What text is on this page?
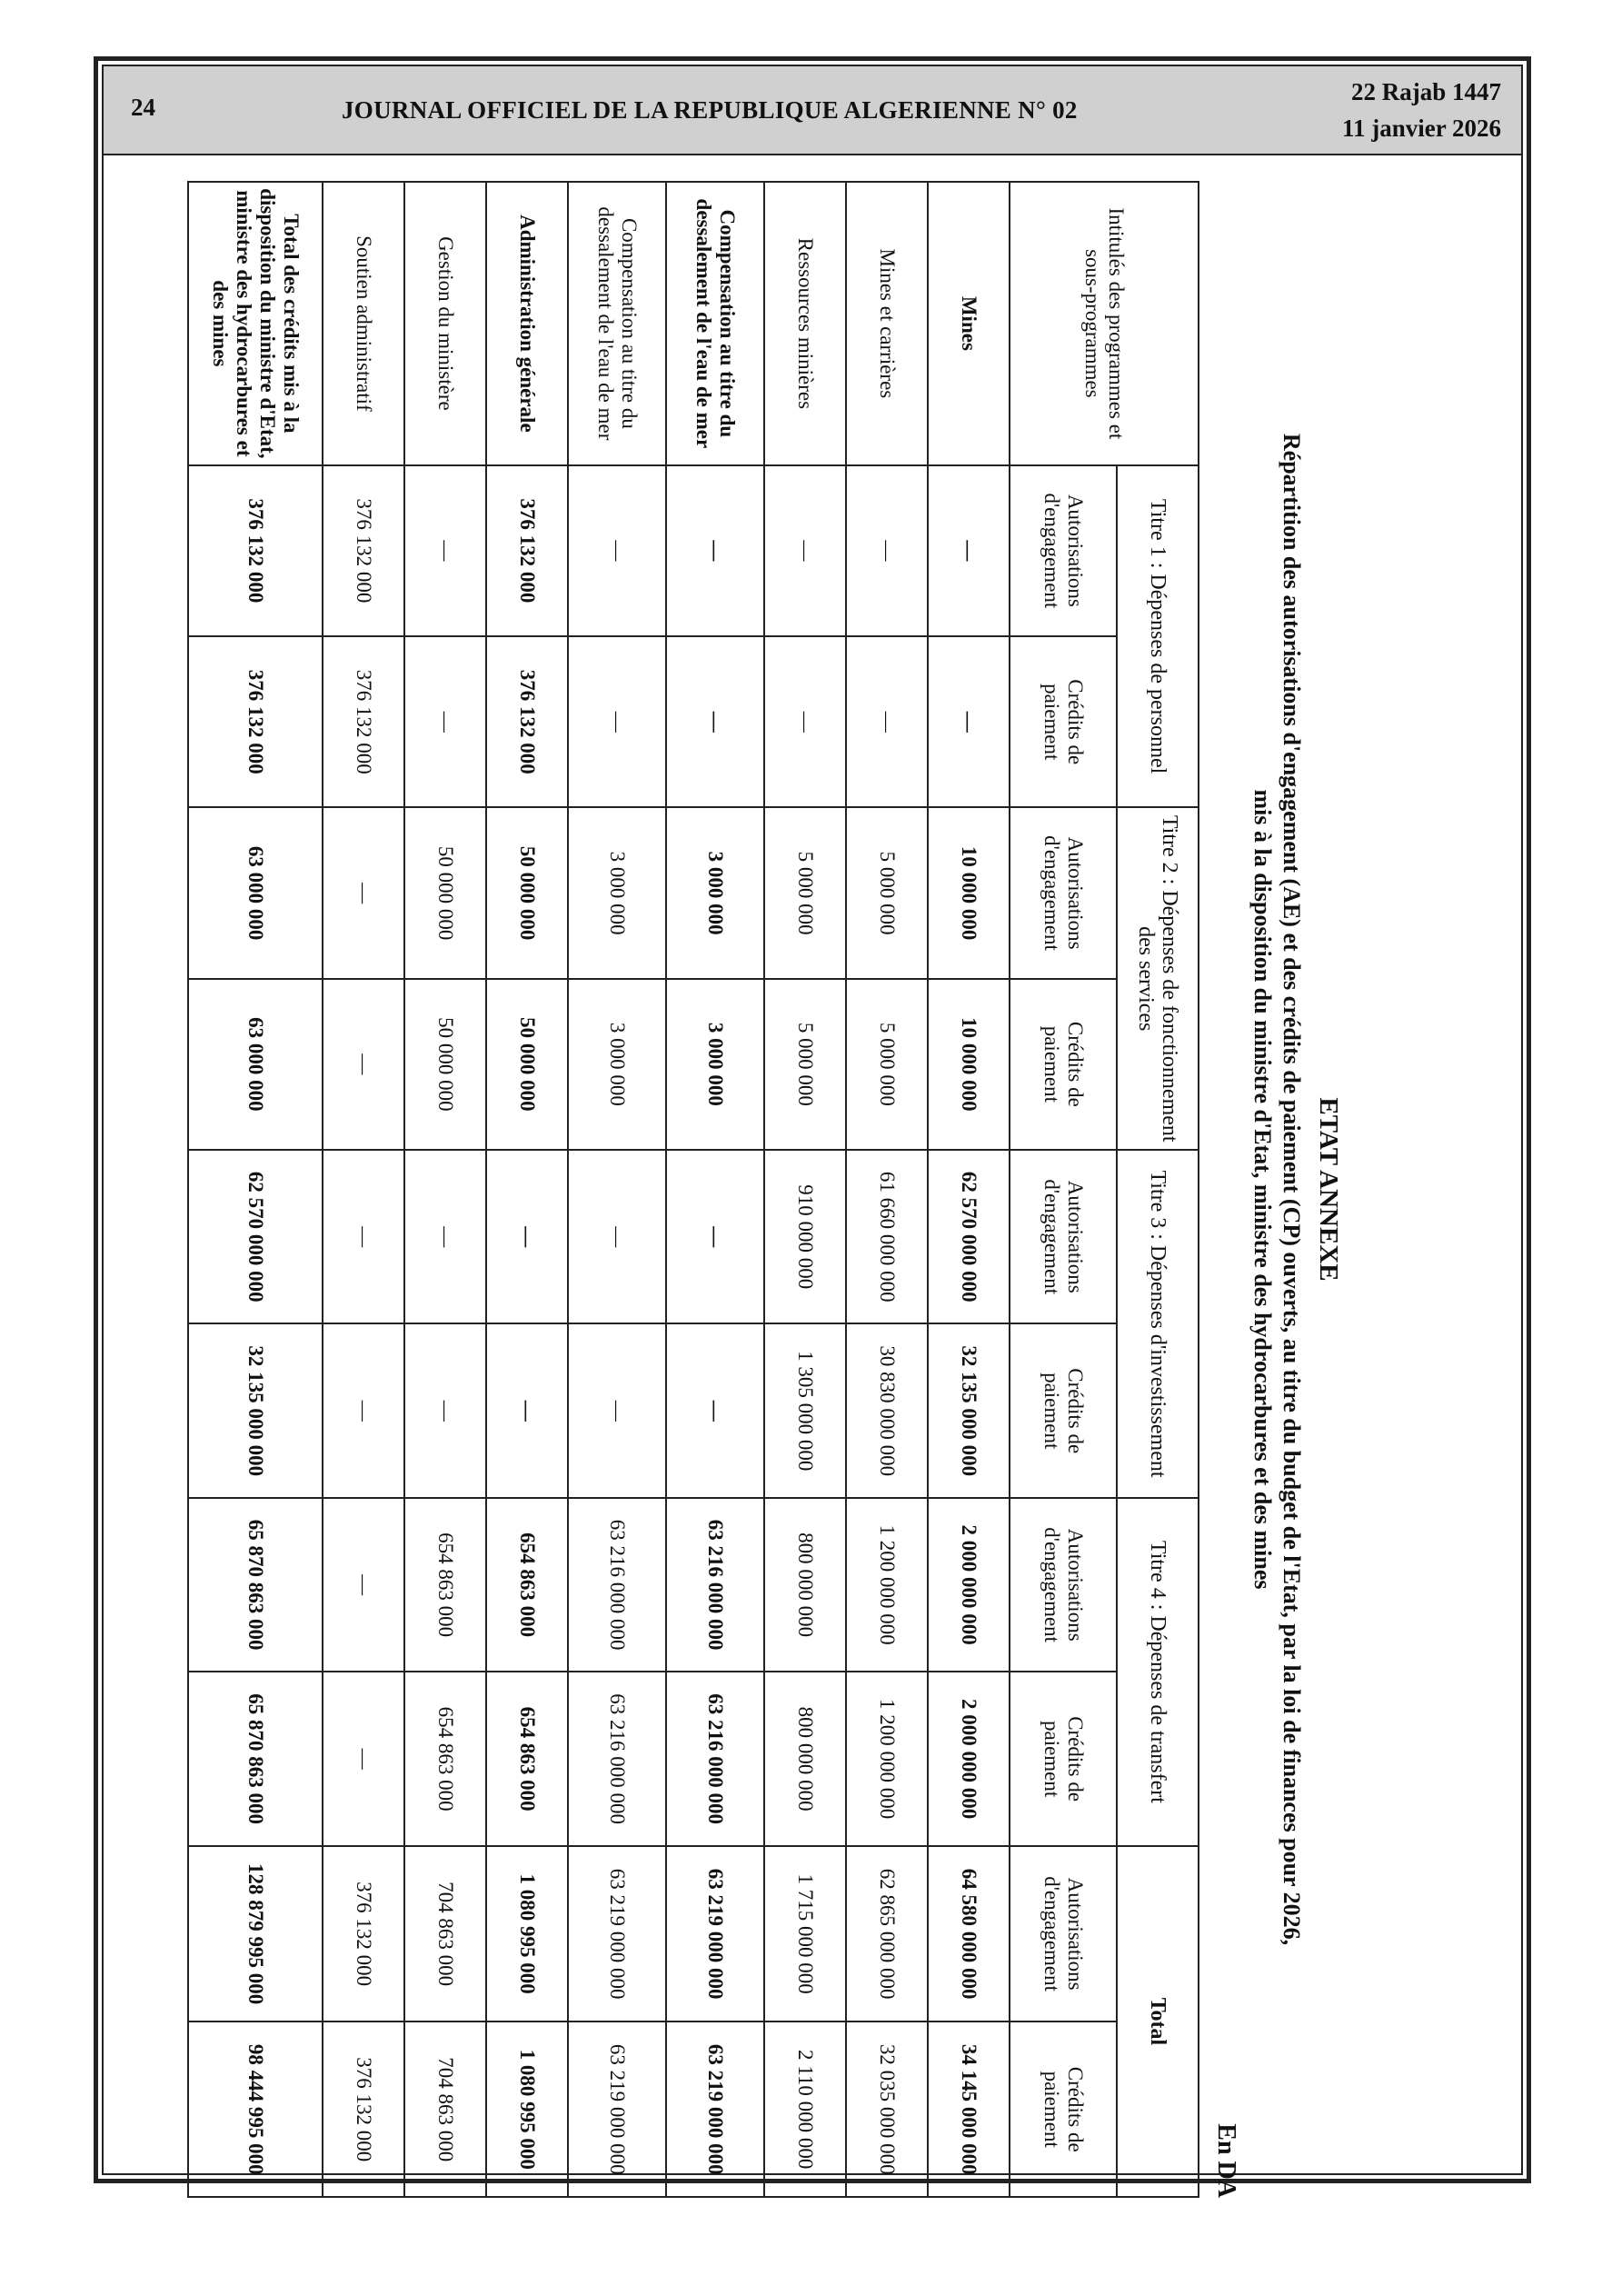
24	JOURNAL OFFICIEL DE LA REPUBLIQUE ALGERIENNE N° 02
22 Rajab 1447
11 janvier 2026
ETAT ANNEXE
Répartition des autorisations d'engagement (AE) et des crédits de paiement (CP) ouverts, au titre du budget de l'Etat, par la loi de finances pour 2026,
mis à la disposition du ministre d'Etat, ministre des hydrocarbures et des mines
En DA
Intitulés des programmes et sous-programmes	Titre 1 : Dépenses de personnel		Titre 2 : Dépenses de fonctionnement des services		Titre 3 : Dépenses d'investissement		Titre 4 : Dépenses de transfert		Total	
	Autorisations d'engagement	Crédits de paiement	Autorisations d'engagement	Crédits de paiement	Autorisations d'engagement	Crédits de paiement	Autorisations d'engagement	Crédits de paiement	Autorisations d'engagement	Crédits de paiement
Mines	—	—	10 000 000	10 000 000	62 570 000 000	32 135 000 000	2 000 000 000	2 000 000 000	64 580 000 000	34 145 000 000
Mines et carrières	—	—	5 000 000	5 000 000	61 660 000 000	30 830 000 000	1 200 000 000	1 200 000 000	62 865 000 000	32 035 000 000
Ressources minières	—	—	5 000 000	5 000 000	910 000 000	1 305 000 000	800 000 000	800 000 000	1 715 000 000	2 110 000 000
Compensation au titre du dessalement de l'eau de mer	—	—	3 000 000	3 000 000	—	—	63 216 000 000	63 216 000 000	63 219 000 000	63 219 000 000
Compensation au titre du dessalement de l'eau de mer	—	—	3 000 000	3 000 000	—	—	63 216 000 000	63 216 000 000	63 219 000 000	63 219 000 000
Administration générale	376 132 000	376 132 000	50 000 000	50 000 000	—	—	654 863 000	654 863 000	1 080 995 000	1 080 995 000
Gestion du ministère	—	—	50 000 000	50 000 000	—	—	654 863 000	654 863 000	704 863 000	704 863 000
Soutien administratif	376 132 000	376 132 000	—	—	—	—	—	—	376 132 000	376 132 000
Total des crédits mis à la disposition du ministre d'Etat, ministre des hydrocarbures et des mines	376 132 000	376 132 000	63 000 000	63 000 000	62 570 000 000	32 135 000 000	65 870 863 000	65 870 863 000	128 879 995 000	98 444 995 000
